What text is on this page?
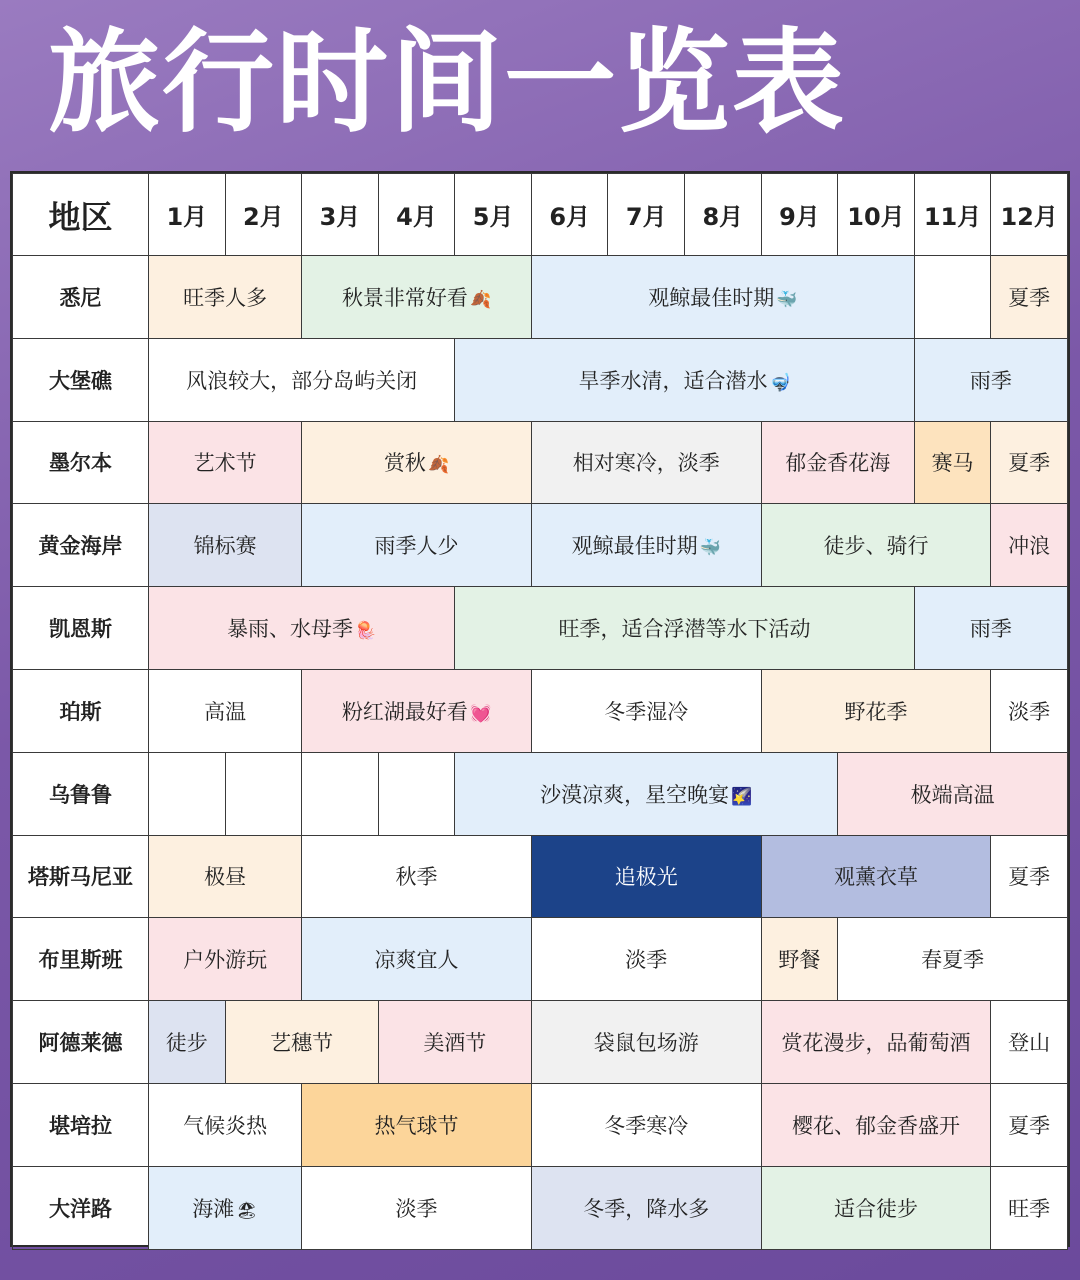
旅行时间一览表
地区	1月	2月	3月	4月	5月	6月	7月	8月	9月	10月	11月	12月
悉尼	旺季人多		秋景非常好看 🍂			观鲸最佳时期 🐳						夏季
大堡礁	风浪较大，部分岛屿关闭				旱季水清，适合潜水 🤿						雨季	
墨尔本	艺术节		赏秋 🍂			相对寒冷，淡季			郁金香花海		赛马	夏季
黄金海岸	锦标赛		雨季人少			观鲸最佳时期 🐳			徒步、骑行			冲浪
凯恩斯	暴雨、水母季 🪼				旺季，适合浮潜等水下活动						雨季	
珀斯	高温		粉红湖最好看 💓			冬季湿冷			野花季			淡季
乌鲁鲁					沙漠凉爽，星空晚宴 🌠					极端高温		
塔斯马尼亚	极昼		秋季			追极光			观薰衣草			夏季
布里斯班	户外游玩		凉爽宜人			淡季			野餐	春夏季		
阿德莱德	徒步	艺穗节		美酒节		袋鼠包场游			赏花漫步，品葡萄酒			登山
堪培拉	气候炎热		热气球节			冬季寒冷			樱花、郁金香盛开			夏季
大洋路	海滩 🏖		淡季			冬季，降水多			适合徒步			旺季
